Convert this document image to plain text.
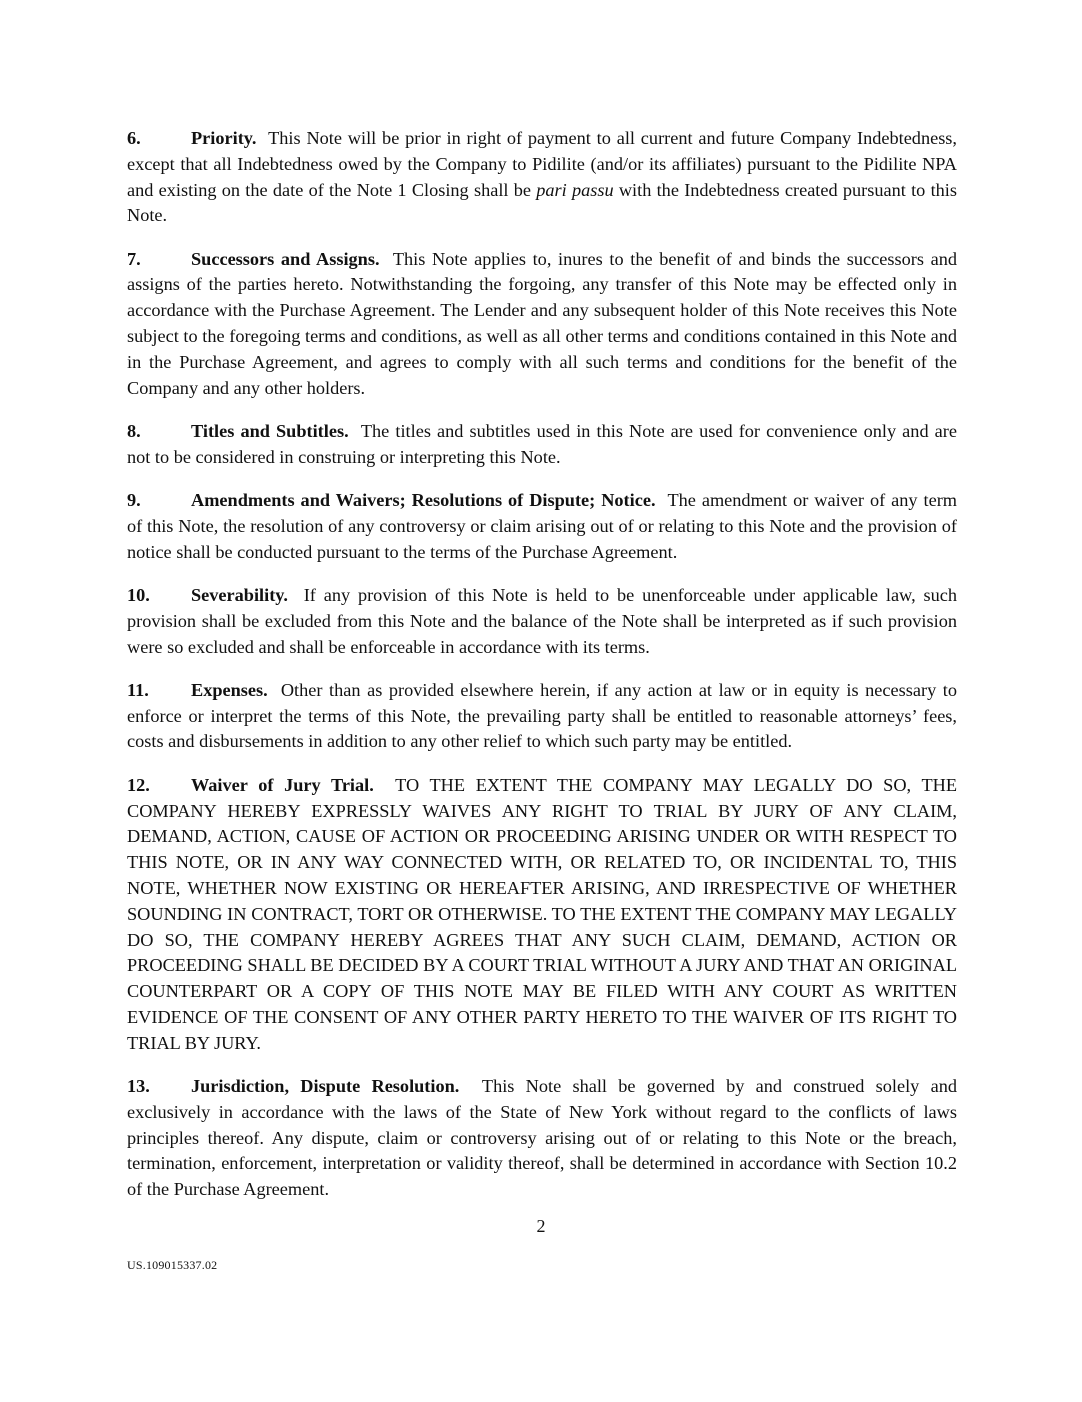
6.	Priority. This Note will be prior in right of payment to all current and future Company Indebtedness, except that all Indebtedness owed by the Company to Pidilite (and/or its affiliates) pursuant to the Pidilite NPA and existing on the date of the Note 1 Closing shall be pari passu with the Indebtedness created pursuant to this Note.

7.	Successors and Assigns. This Note applies to, inures to the benefit of and binds the successors and assigns of the parties hereto. Notwithstanding the forgoing, any transfer of this Note may be effected only in accordance with the Purchase Agreement. The Lender and any subsequent holder of this Note receives this Note subject to the foregoing terms and conditions, as well as all other terms and conditions contained in this Note and in the Purchase Agreement, and agrees to comply with all such terms and conditions for the benefit of the Company and any other holders.

8.	Titles and Subtitles. The titles and subtitles used in this Note are used for convenience only and are not to be considered in construing or interpreting this Note.

9.	Amendments and Waivers; Resolutions of Dispute; Notice. The amendment or waiver of any term of this Note, the resolution of any controversy or claim arising out of or relating to this Note and the provision of notice shall be conducted pursuant to the terms of the Purchase Agreement.

10. Severability. If any provision of this Note is held to be unenforceable under applicable law, such provision shall be excluded from this Note and the balance of the Note shall be interpreted as if such provision were so excluded and shall be enforceable in accordance with its terms.

11. Expenses. Other than as provided elsewhere herein, if any action at law or in equity is necessary to enforce or interpret the terms of this Note, the prevailing party shall be entitled to reasonable attorneys’ fees, costs and disbursements in addition to any other relief to which such party may be entitled.

12. Waiver of Jury Trial. TO THE EXTENT THE COMPANY MAY LEGALLY DO SO, THE COMPANY HEREBY EXPRESSLY WAIVES ANY RIGHT TO TRIAL BY JURY OF ANY CLAIM, DEMAND, ACTION, CAUSE OF ACTION OR PROCEEDING ARISING UNDER OR WITH RESPECT TO THIS NOTE, OR IN ANY WAY CONNECTED WITH, OR RELATED TO, OR INCIDENTAL TO, THIS NOTE, WHETHER NOW EXISTING OR HEREAFTER ARISING, AND IRRESPECTIVE OF WHETHER SOUNDING IN CONTRACT, TORT OR OTHERWISE. TO THE EXTENT THE COMPANY MAY LEGALLY DO SO, THE COMPANY HEREBY AGREES THAT ANY SUCH CLAIM, DEMAND, ACTION OR PROCEEDING SHALL BE DECIDED BY A COURT TRIAL WITHOUT A JURY AND THAT AN ORIGINAL COUNTERPART OR A COPY OF THIS NOTE MAY BE FILED WITH ANY COURT AS WRITTEN EVIDENCE OF THE CONSENT OF ANY OTHER PARTY HERETO TO THE WAIVER OF ITS RIGHT TO TRIAL BY JURY.

13. Jurisdiction, Dispute Resolution. This Note shall be governed by and construed solely and exclusively in accordance with the laws of the State of New York without regard to the conflicts of laws principles thereof. Any dispute, claim or controversy arising out of or relating to this Note or the breach, termination, enforcement, interpretation or validity thereof, shall be determined in accordance with Section 10.2 of the Purchase Agreement.

2
US.109015337.02
